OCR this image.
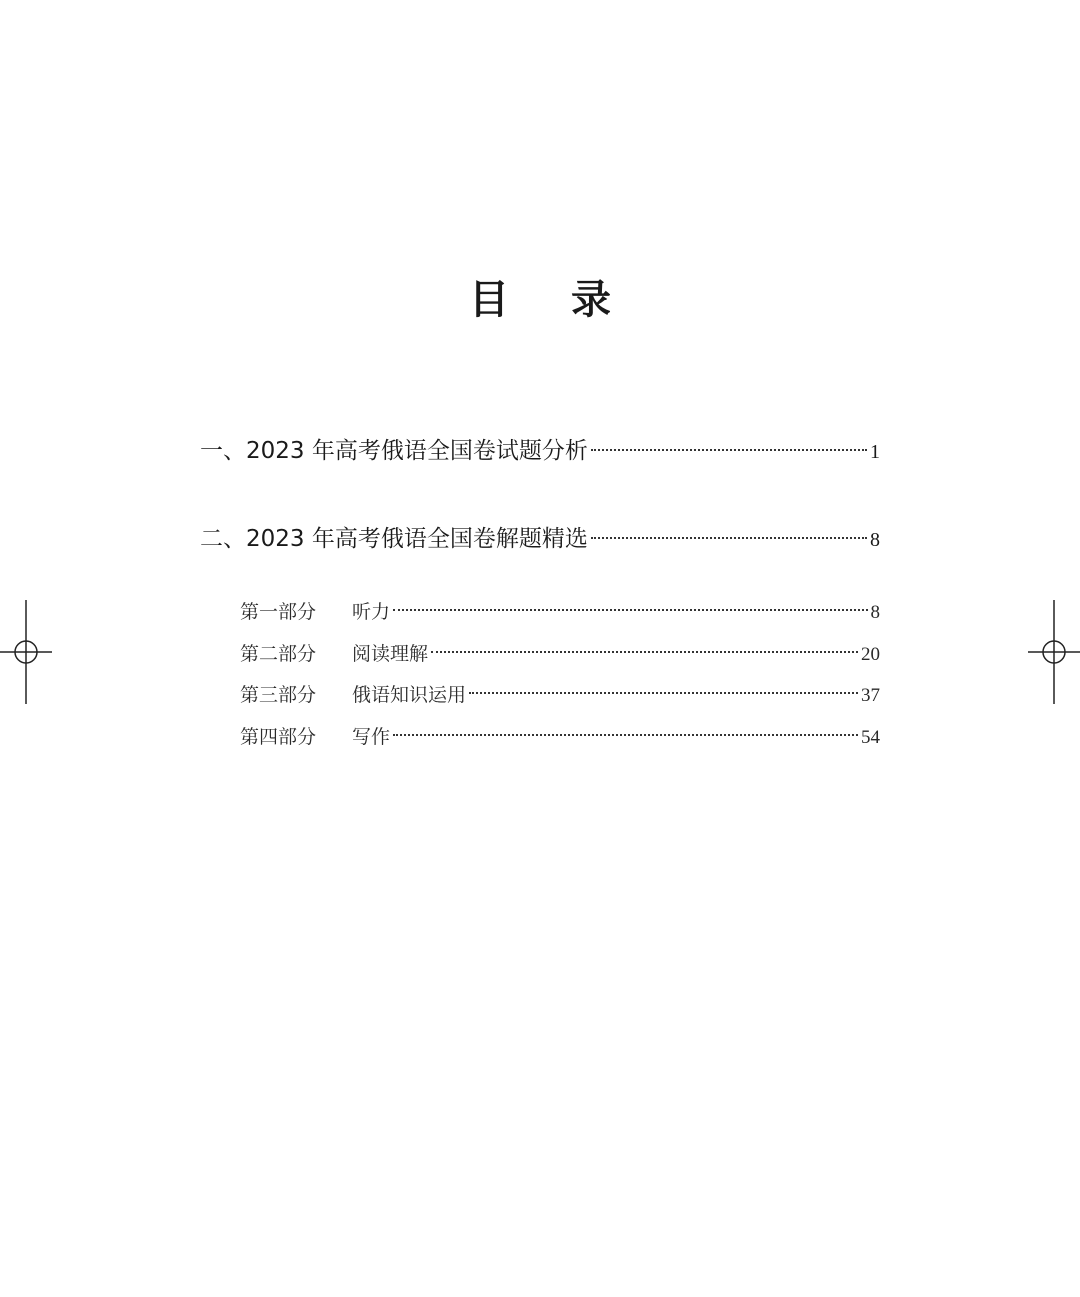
目 录
一、2023 年高考俄语全国卷试题分析	1
二、2023 年高考俄语全国卷解题精选	8
第一部分 听力	8
第二部分 阅读理解	20
第三部分 俄语知识运用	37
第四部分 写作	54
